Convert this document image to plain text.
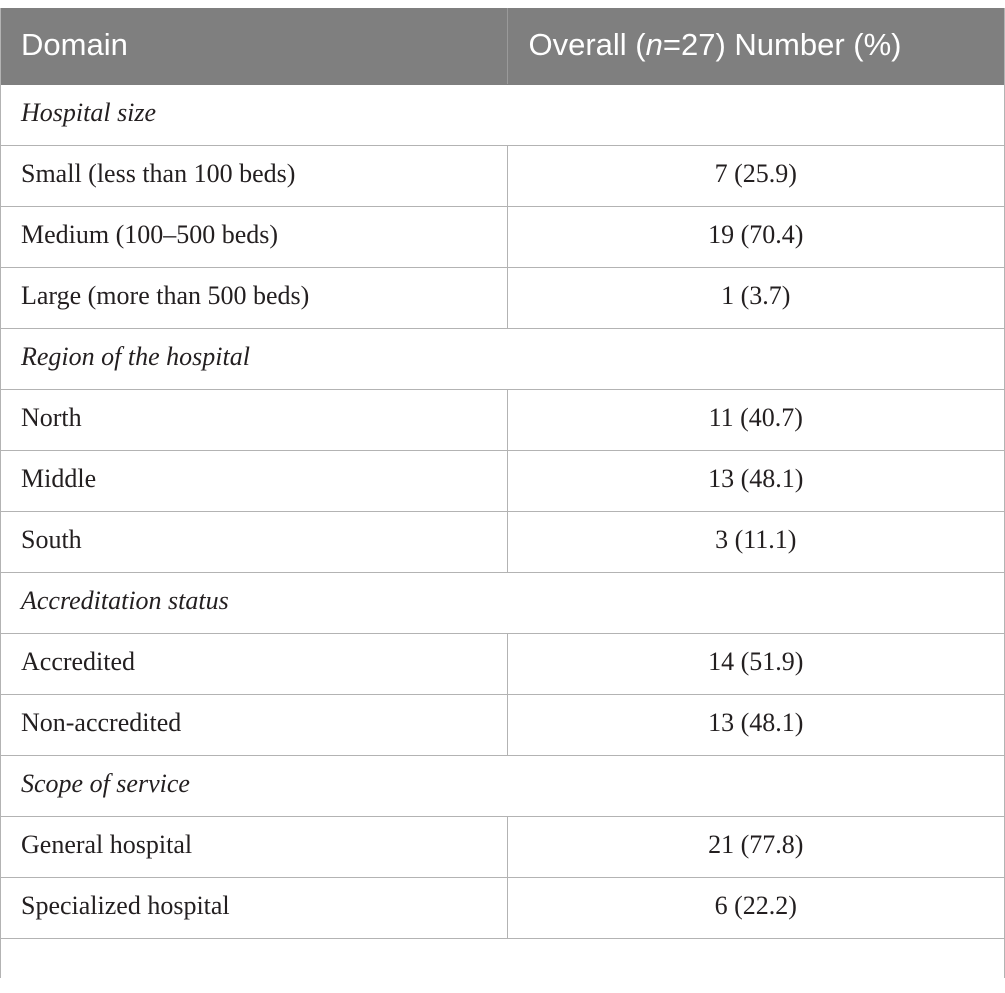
Domain	Overall (n=27) Number (%)
Hospital size	
Small (less than 100 beds)	7 (25.9)
Medium (100–500 beds)	19 (70.4)
Large (more than 500 beds)	1 (3.7)
Region of the hospital	
North	11 (40.7)
Middle	13 (48.1)
South	3 (11.1)
Accreditation status	
Accredited	14 (51.9)
Non-accredited	13 (48.1)
Scope of service	
General hospital	21 (77.8)
Specialized hospital	6 (22.2)
